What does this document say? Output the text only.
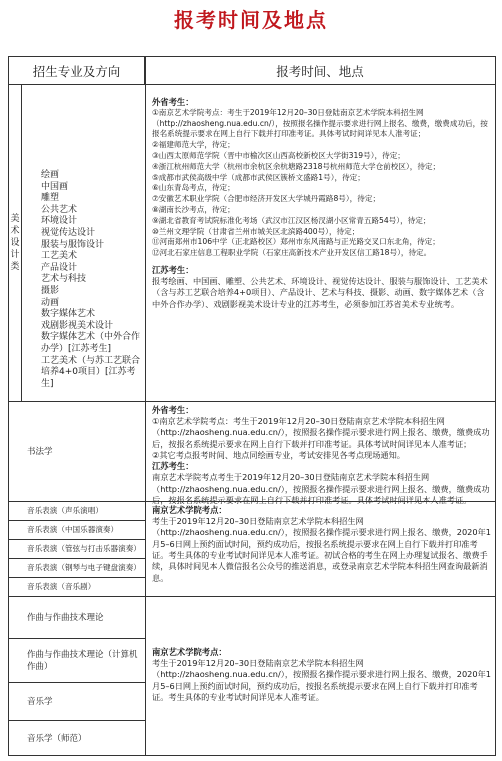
报考时间及地点
招生专业及方向	报考时间、地点
美术设计类
绘画
中国画
雕塑
公共艺术
环境设计
视觉传达设计
服装与服饰设计
工艺美术
产品设计
艺术与科技
摄影
动画
数字媒体艺术
戏剧影视美术设计
数字媒体艺术（中外合作办学）[江苏考生]
工艺美术（与苏工艺联合培养4+0项目）[江苏考生]

外省考生：

①南京艺术学院考点：考生于2019年12月20–30日登陆南京艺术学院本科招生网（http://zhaosheng.nua.edu.cn/），按照报名操作提示要求进行网上报名、缴费，缴费成功后，按报名系统提示要求在网上自行下载并打印准考证。具体考试时间详见本人准考证；

②福建师范大学，待定；

③山西太原师范学院（晋中市榆次区山西高校新校区大学街319号），待定；

④浙江杭州师范大学（杭州市余杭区余杭塘路2318号杭州师范大学仓前校区），待定；

⑤成都市武侯高级中学（成都市武侯区簇桥文盛路1号），待定；

⑥山东青岛考点，待定；

⑦安徽艺术职业学院（合肥市经济开发区大学城丹霞路8号），待定；

⑧湖南长沙考点，待定；

⑨湖北省教育考试院标准化考场（武汉市江汉区杨汊湖小区常青五路54号），待定；

⑩兰州文理学院（甘肃省兰州市城关区北滨路400号），待定；

⑪河南郑州市106中学（正北路校区）郑州市东风南路与正光路交叉口东北角，待定；

⑫河北石家庄信息工程职业学院（石家庄高新技术产业开发区信工路18号），待定。

江苏考生：

报考绘画、中国画、雕塑、公共艺术、环境设计、视觉传达设计、服装与服饰设计、工艺美术（含与苏工艺联合培养4+0项目）、产品设计、艺术与科技、摄影、动画、数字媒体艺术（含中外合作办学）、戏剧影视美术设计专业的江苏考生，必须参加江苏省美术专业统考。

书法学

外省考生：

①南京艺术学院考点：考生于2019年12月20–30日登陆南京艺术学院本科招生网（http://zhaosheng.nua.edu.cn/），按照报名操作提示要求进行网上报名、缴费，缴费成功后，按报名系统提示要求在网上自行下载并打印准考证。具体考试时间详见本人准考证；

②其它考点报考时间、地点同绘画专业，考试安排见各考点现场通知。

江苏考生：

南京艺术学院考点考生于2019年12月20–30日登陆南京艺术学院本科招生网（http://zhaosheng.nua.edu.cn/），按照报名操作提示要求进行网上报名、缴费，缴费成功后，按报名系统提示要求在网上自行下载并打印准考证。具体考试时间详见本人准考证。

音乐表演（声乐演唱）
音乐表演（中国乐器演奏）
音乐表演（管弦与打击乐器演奏）
音乐表演（钢琴与电子键盘演奏）
音乐表演（音乐剧）

南京艺术学院考点：

考生于2019年12月20–30日登陆南京艺术学院本科招生网（http://zhaosheng.nua.edu.cn/），按照报名操作提示要求进行网上报名、缴费，2020年1月5–6日网上预约面试时间，预约成功后，按报名系统提示要求在网上自行下载并打印准考证。考生具体的专业考试时间详见本人准考证。初试合格的考生在网上办理复试报名、缴费手续，具体时间见本人微信报名公众号的推送消息，或登录南京艺术学院本科招生网查询最新消息。

作曲与作曲技术理论
作曲与作曲技术理论（计算机作曲）
音乐学
音乐学（师范）

南京艺术学院考点：

考生于2019年12月20–30日登陆南京艺术学院本科招生网（http://zhaosheng.nua.edu.cn/），按照报名操作提示要求进行网上报名、缴费，2020年1月5–6日网上预约面试时间，预约成功后，按报名系统提示要求在网上自行下载并打印准考证。考生具体的专业考试时间详见本人准考证。
